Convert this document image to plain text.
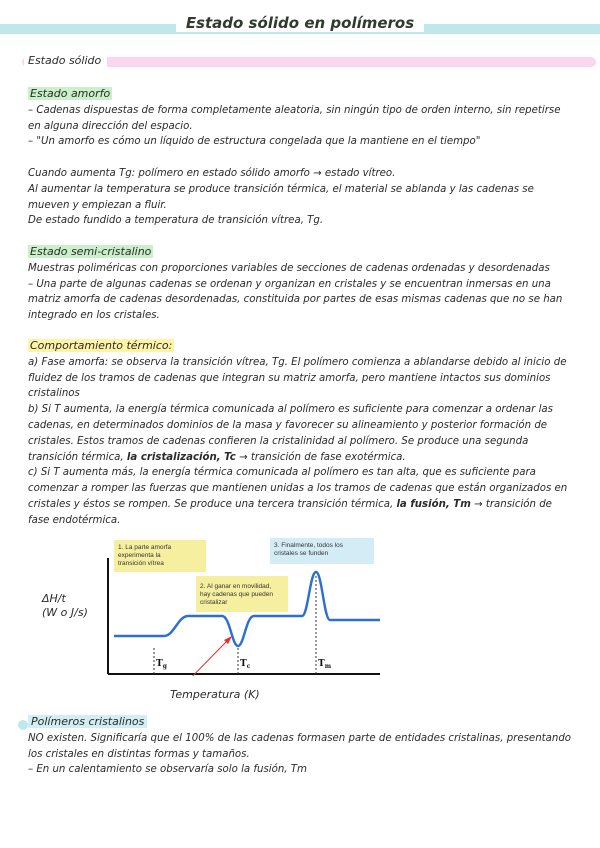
Estado sólido en polímeros
Estado sólido

Estado amorfo

– Cadenas dispuestas de forma completamente aleatoria, sin ningún tipo de orden interno, sin repetirse en alguna dirección del espacio.

– "Un amorfo es cómo un líquido de estructura congelada que la mantiene en el tiempo"

Cuando aumenta Tg: polímero en estado sólido amorfo → estado vítreo.

Al aumentar la temperatura se produce transición térmica, el material se ablanda y las cadenas se mueven y empiezan a fluir.

De estado fundido a temperatura de transición vítrea, Tg.

Estado semi-cristalino

Muestras poliméricas con proporciones variables de secciones de cadenas ordenadas y desordenadas

– Una parte de algunas cadenas se ordenan y organizan en cristales y se encuentran inmersas en una matriz amorfa de cadenas desordenadas, constituida por partes de esas mismas cadenas que no se han integrado en los cristales.

Comportamiento térmico:

a) Fase amorfa: se observa la transición vítrea, Tg. El polímero comienza a ablandarse debido al inicio de fluidez de los tramos de cadenas que integran su matriz amorfa, pero mantiene intactos sus dominios cristalinos

b) Si T aumenta, la energía térmica comunicada al polímero es suficiente para comenzar a ordenar las cadenas, en determinados dominios de la masa y favorecer su alineamiento y posterior formación de cristales. Estos tramos de cadenas confieren la cristalinidad al polímero. Se produce una segunda transición térmica, la cristalización, Tc → transición de fase exotérmica.

c) Si T aumenta más, la energía térmica comunicada al polímero es tan alta, que es suficiente para comenzar a romper las fuerzas que mantienen unidas a los tramos de cadenas que están organizados en cristales y éstos se rompen. Se produce una tercera transición térmica, la fusión, Tm → transición de fase endotérmica.

$T_g$	$T_c$	$T_m$
1. La parte amorfa experimenta la transición vítrea
2. Al ganar en movilidad, hay cadenas que pueden cristalizar
3. Finalmente, todos los cristales se funden
ΔH/t
(W o J/s)
Temperatura (K)

Polímeros cristalinos

NO existen. Significaría que el 100% de las cadenas formasen parte de entidades cristalinas, presentando los cristales en distintas formas y tamaños.

– En un calentamiento se observaría solo la fusión, Tm
